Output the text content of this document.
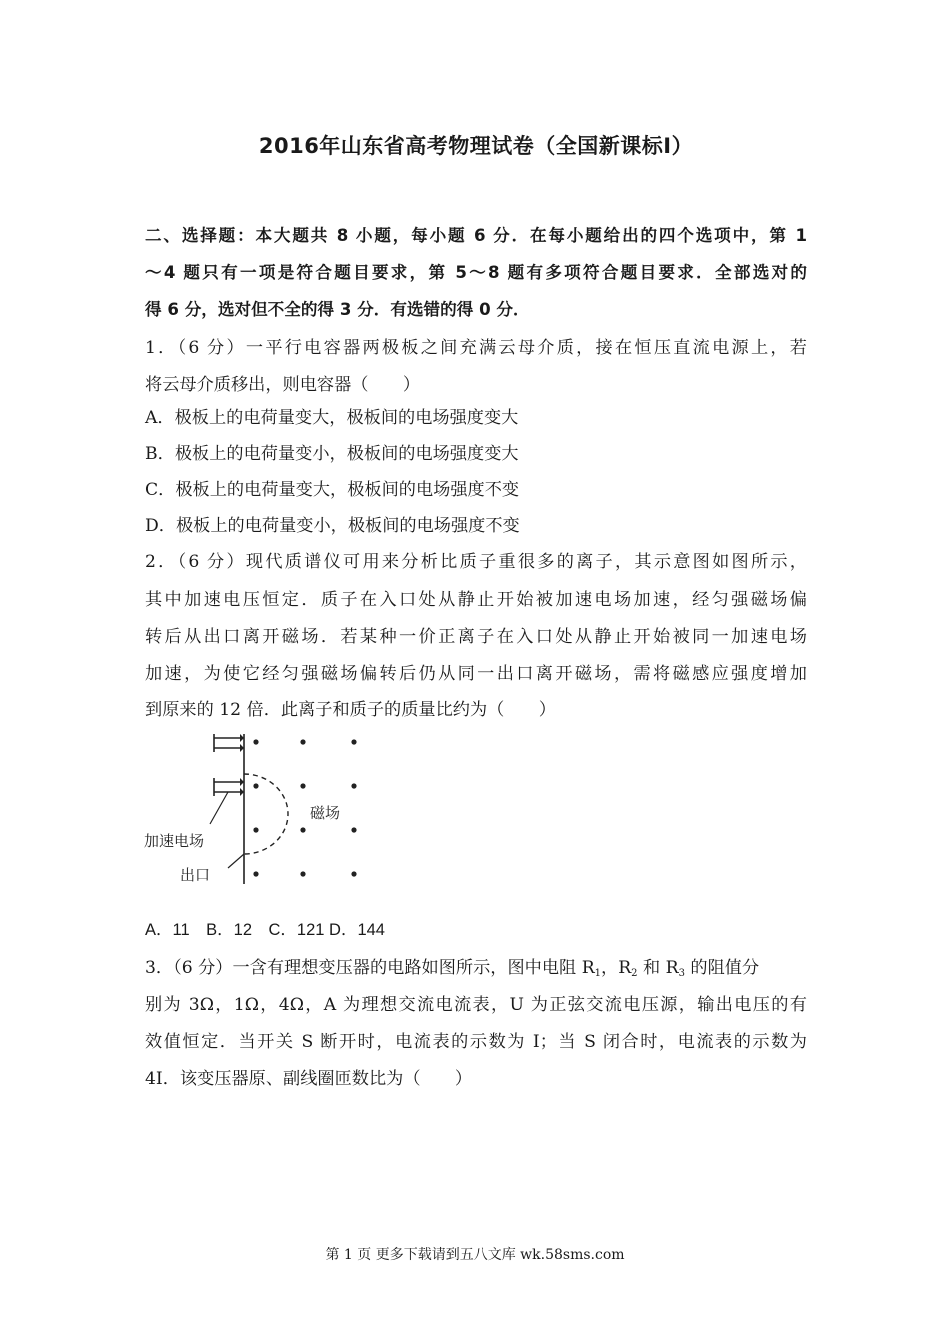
2016年山东省高考物理试卷（全国新课标Ⅰ）
二、选择题：本大题共 8 小题，每小题 6 分．在每小题给出的四个选项中，第 1
～4 题只有一项是符合题目要求，第 5～8 题有多项符合题目要求．全部选对的
得 6 分，选对但不全的得 3 分．有选错的得 0 分．
1．（6 分）一平行电容器两极板之间充满云母介质，接在恒压直流电源上，若
将云母介质移出，则电容器（　　）
A．极板上的电荷量变大，极板间的电场强度变大
B．极板上的电荷量变小，极板间的电场强度变大
C．极板上的电荷量变大，极板间的电场强度不变
D．极板上的电荷量变小，极板间的电场强度不变
2．（6 分）现代质谱仪可用来分析比质子重很多的离子，其示意图如图所示，
其中加速电压恒定．质子在入口处从静止开始被加速电场加速，经匀强磁场偏
转后从出口离开磁场．若某种一价正离子在入口处从静止开始被同一加速电场
加速，为使它经匀强磁场偏转后仍从同一出口离开磁场，需将磁感应强度增加
到原来的 12 倍．此离子和质子的质量比约为（　　）
磁场
加速电场
出口
A．11　B．12　C．121 D．144
3．（6 分）一含有理想变压器的电路如图所示，图中电阻 $R_1$，$R_2$ 和 $R_3$ 的阻值分
别为 3Ω，1Ω，4Ω，A 为理想交流电流表，U 为正弦交流电压源，输出电压的有
效值恒定．当开关 S 断开时，电流表的示数为 I；当 S 闭合时，电流表的示数为
4I．该变压器原、副线圈匝数比为（　　）
第 1 页 更多下载请到五八文库 wk.58sms.com
